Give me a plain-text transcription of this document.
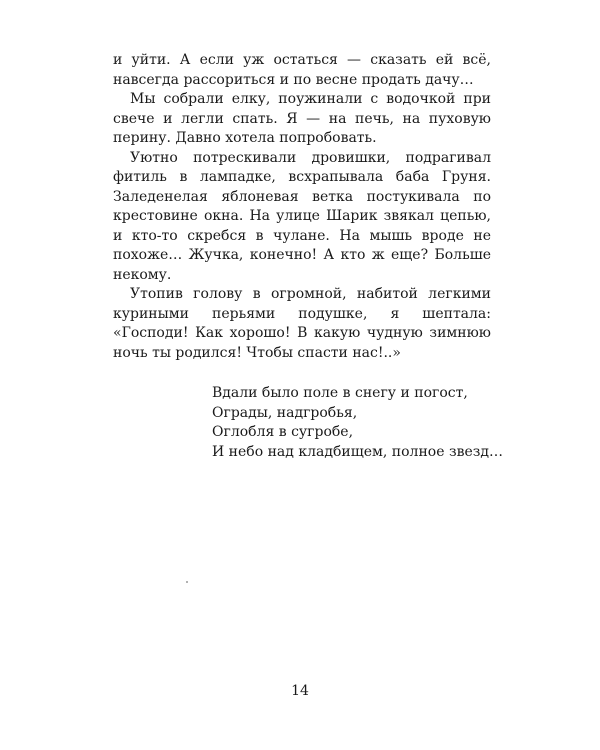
и уйти. А если уж остаться — сказать ей всё, навсегда рассориться и по весне продать дачу…

Мы собрали елку, поужинали с водочкой при свече и легли спать. Я — на печь, на пуховую перину. Давно хотела попробовать.

Уютно потрескивали дровишки, подрагивал фитиль в лампадке, всхрапывала баба Груня. Заледенелая яблоневая ветка постукивала по крестовине окна. На улице Шарик звякал цепью, и кто-то скребся в чулане. На мышь вроде не похоже… Жучка, конечно! А кто ж еще? Больше некому.

Утопив голову в огромной, набитой легкими куриными перьями подушке, я шептала: «Господи! Как хорошо! В какую чудную зимнюю ночь ты родился! Чтобы спасти нас!..»

Вдали было поле в снегу и погост,
Ограды, надгробья,
Оглобля в сугробе,
И небо над кладбищем, полное звезд…
14
